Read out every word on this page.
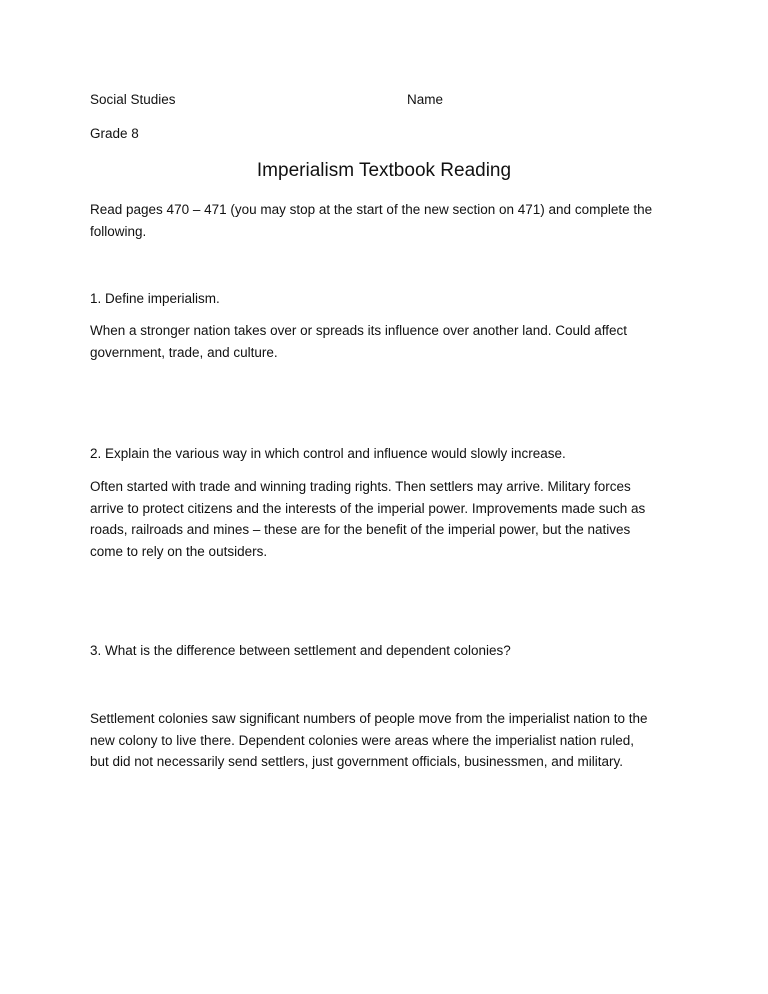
Social Studies	Name
Grade 8
Imperialism Textbook Reading
Read pages 470 – 471 (you may stop at the start of the new section on 471) and complete the
following.
1. Define imperialism.
When a stronger nation takes over or spreads its influence over another land. Could affect
government, trade, and culture.
2. Explain the various way in which control and influence would slowly increase.
Often started with trade and winning trading rights. Then settlers may arrive. Military forces
arrive to protect citizens and the interests of the imperial power. Improvements made such as
roads, railroads and mines – these are for the benefit of the imperial power, but the natives
come to rely on the outsiders.
3. What is the difference between settlement and dependent colonies?
Settlement colonies saw significant numbers of people move from the imperialist nation to the
new colony to live there. Dependent colonies were areas where the imperialist nation ruled,
but did not necessarily send settlers, just government officials, businessmen, and military.
